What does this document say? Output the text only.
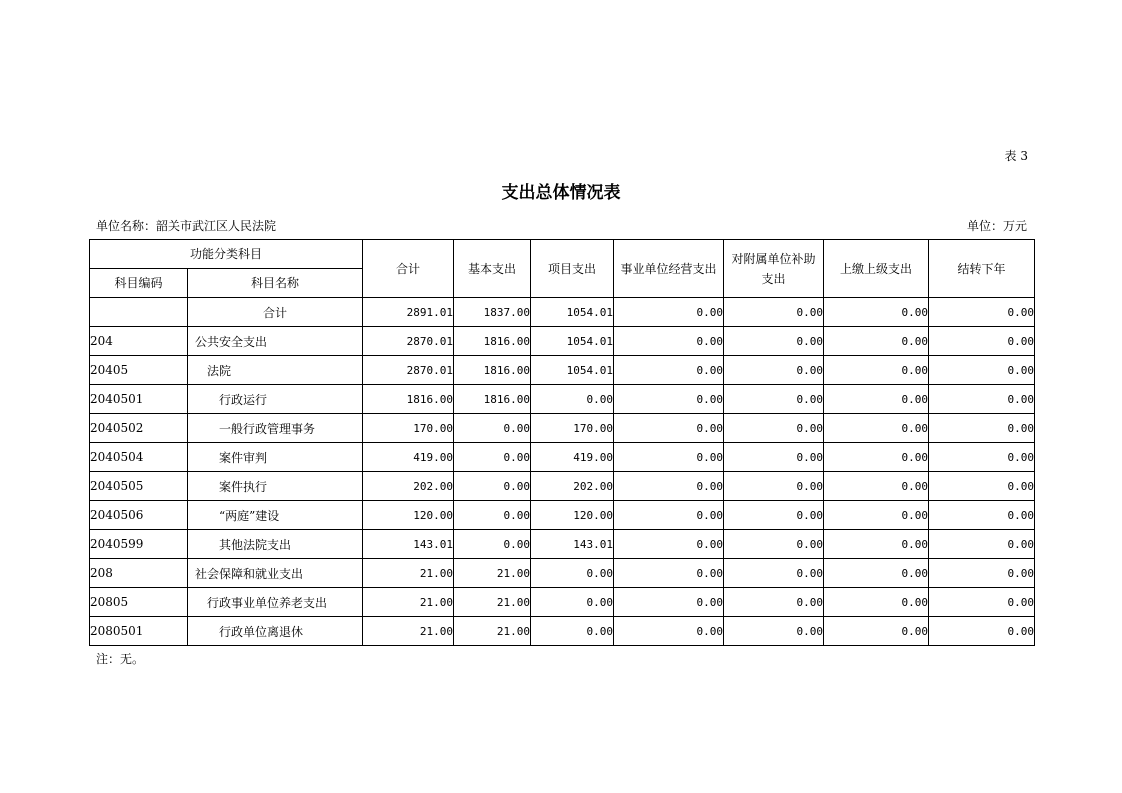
表 3
支出总体情况表
单位名称：韶关市武江区人民法院	单位：万元
功能分类科目		合计	基本支出	项目支出	事业单位经营支出	对附属单位补助支出	上缴上级支出	结转下年
科目编码	科目名称							
	合计	2891.01	1837.00	1054.01	0.00	0.00	0.00	0.00
204	公共安全支出	2870.01	1816.00	1054.01	0.00	0.00	0.00	0.00
20405	法院	2870.01	1816.00	1054.01	0.00	0.00	0.00	0.00
2040501	行政运行	1816.00	1816.00	0.00	0.00	0.00	0.00	0.00
2040502	一般行政管理事务	170.00	0.00	170.00	0.00	0.00	0.00	0.00
2040504	案件审判	419.00	0.00	419.00	0.00	0.00	0.00	0.00
2040505	案件执行	202.00	0.00	202.00	0.00	0.00	0.00	0.00
2040506	“两庭”建设	120.00	0.00	120.00	0.00	0.00	0.00	0.00
2040599	其他法院支出	143.01	0.00	143.01	0.00	0.00	0.00	0.00
208	社会保障和就业支出	21.00	21.00	0.00	0.00	0.00	0.00	0.00
20805	行政事业单位养老支出	21.00	21.00	0.00	0.00	0.00	0.00	0.00
2080501	行政单位离退休	21.00	21.00	0.00	0.00	0.00	0.00	0.00
注：无。
